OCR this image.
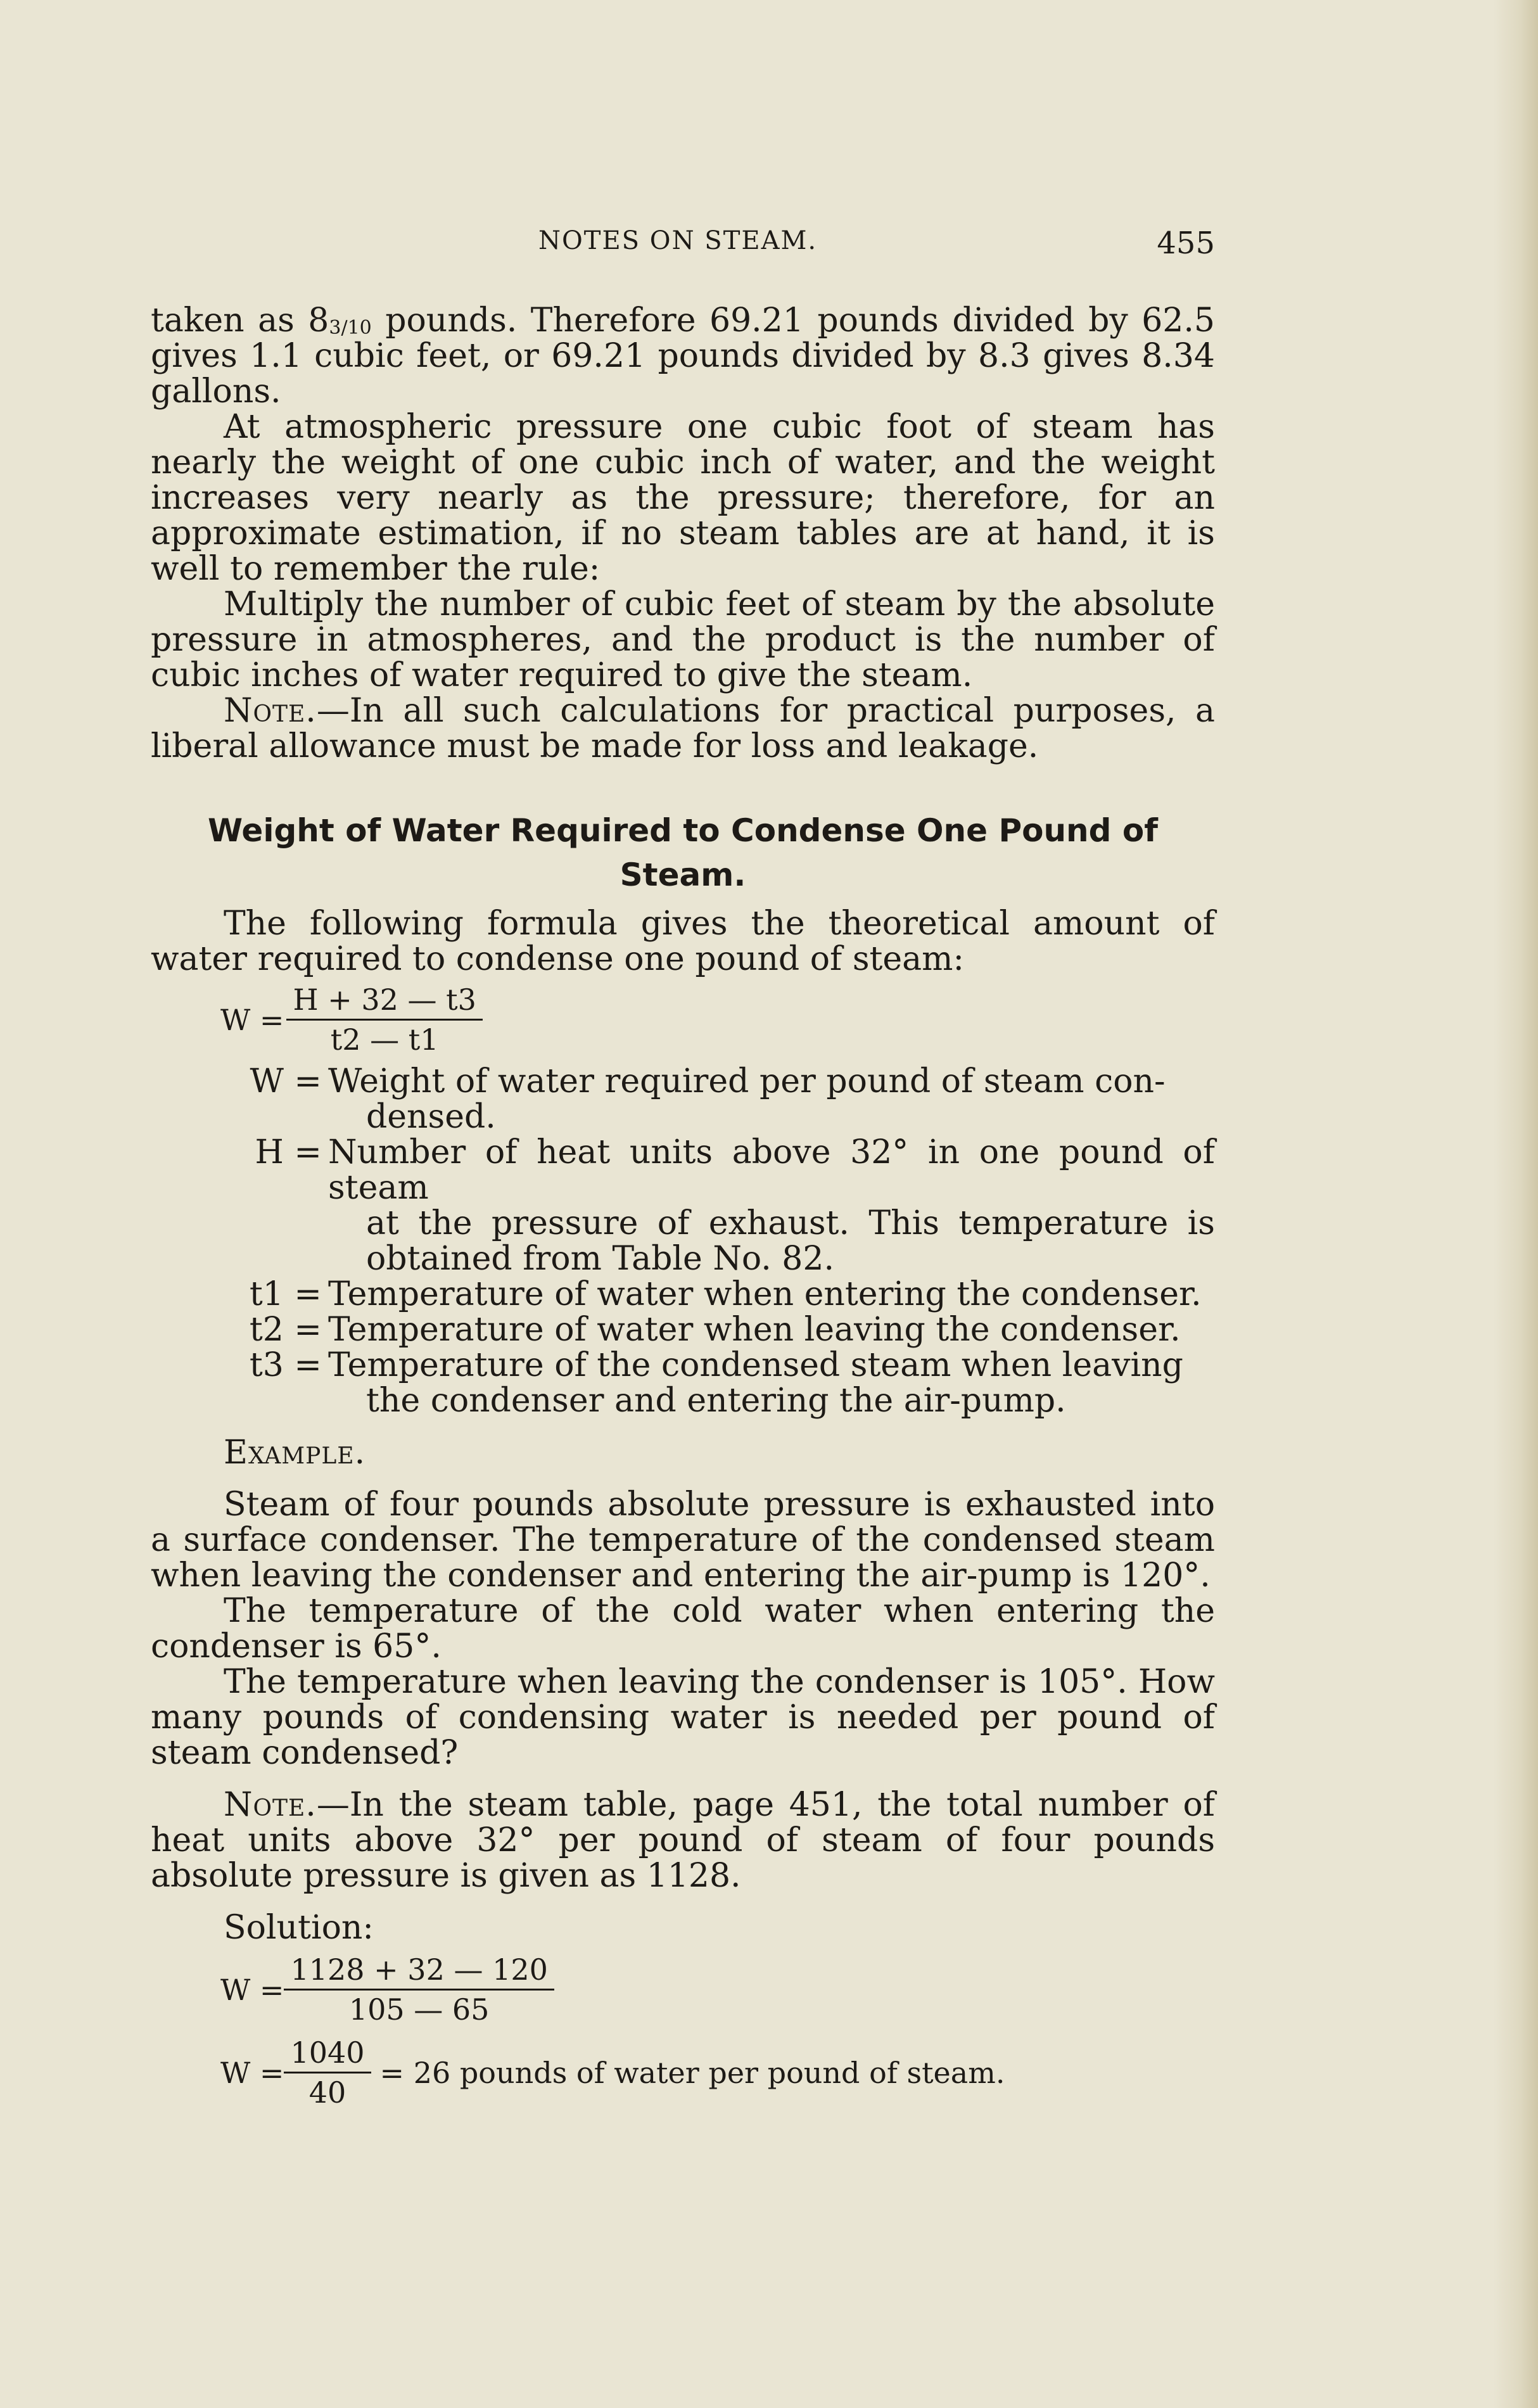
NOTES ON STEAM.	455

taken as 83/10 pounds. Therefore 69.21 pounds divided by 62.5 gives 1.1 cubic feet, or 69.21 pounds divided by 8.3 gives 8.34 gallons.

At atmospheric pressure one cubic foot of steam has nearly the weight of one cubic inch of water, and the weight increases very nearly as the pressure; therefore, for an approximate estimation, if no steam tables are at hand, it is well to remember the rule:

Multiply the number of cubic feet of steam by the absolute pressure in atmospheres, and the product is the number of cubic inches of water required to give the steam.

Note.—In all such calculations for practical purposes, a liberal allowance must be made for loss and leakage.

Weight of Water Required to Condense One Pound of Steam.

The following formula gives the theoretical amount of water required to condense one pound of steam:

$W = \frac{H + 32 — t3}{t2 — t1}$
W = Weight of water required per pound of steam con-
densed.
H = Number of heat units above 32° in one pound of steam
at the pressure of exhaust. This temperature is obtained from Table No. 82.
t1 = Temperature of water when entering the condenser.
t2 = Temperature of water when leaving the condenser.
t3 = Temperature of the condensed steam when leaving
the condenser and entering the air-pump.

Example.

Steam of four pounds absolute pressure is exhausted into a surface condenser. The temperature of the condensed steam when leaving the condenser and entering the air-pump is 120°.

The temperature of the cold water when entering the condenser is 65°.

The temperature when leaving the condenser is 105°. How many pounds of condensing water is needed per pound of steam condensed?

Note.—In the steam table, page 451, the total number of heat units above 32° per pound of steam of four pounds absolute pressure is given as 1128.

Solution:

$W = \frac{1128 + 32 — 120}{105 — 65}$
$W = \frac{1040}{40} = 26$ pounds of water per pound of steam.
